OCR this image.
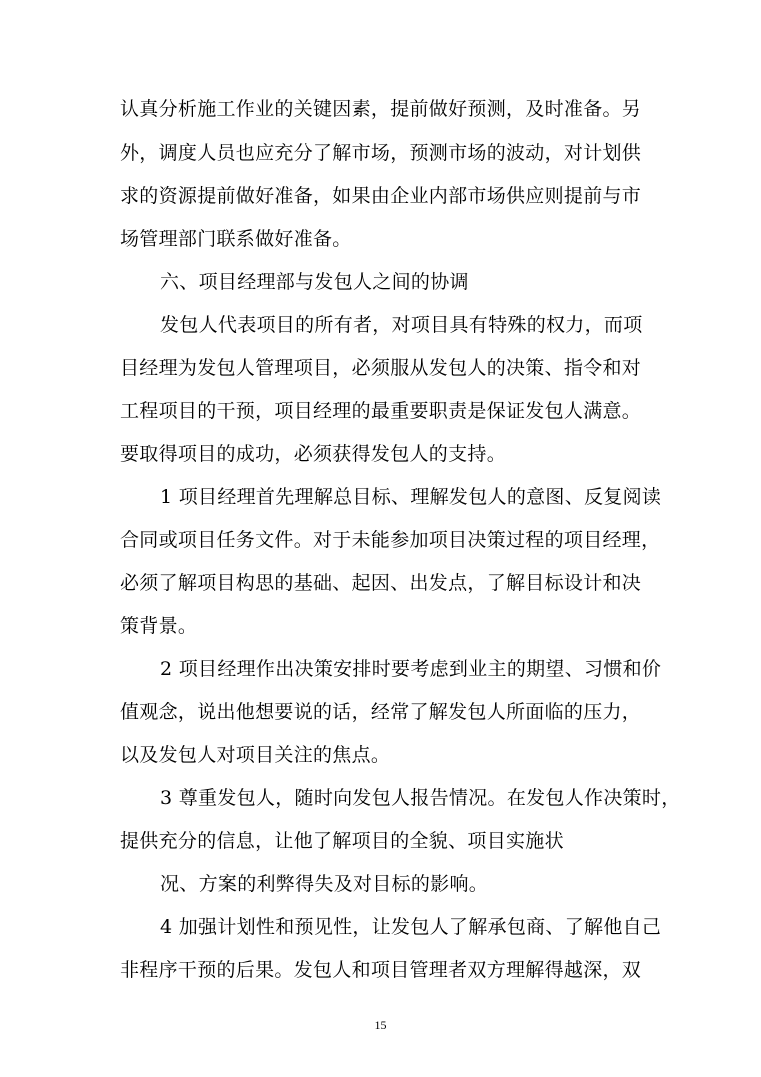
认真分析施工作业的关键因素，提前做好预测，及时准备。另
外，调度人员也应充分了解市场，预测市场的波动，对计划供
求的资源提前做好准备，如果由企业内部市场供应则提前与市
场管理部门联系做好准备。
六、项目经理部与发包人之间的协调
发包人代表项目的所有者，对项目具有特殊的权力，而项
目经理为发包人管理项目，必须服从发包人的决策、指令和对
工程项目的干预，项目经理的最重要职责是保证发包人满意。
要取得项目的成功，必须获得发包人的支持。
1 项目经理首先理解总目标、理解发包人的意图、反复阅读
合同或项目任务文件。对于未能参加项目决策过程的项目经理，
必须了解项目构思的基础、起因、出发点，了解目标设计和决
策背景。
2 项目经理作出决策安排时要考虑到业主的期望、习惯和价
值观念，说出他想要说的话，经常了解发包人所面临的压力，
以及发包人对项目关注的焦点。
3 尊重发包人，随时向发包人报告情况。在发包人作决策时，
提供充分的信息，让他了解项目的全貌、项目实施状
况、方案的利弊得失及对目标的影响。
4 加强计划性和预见性，让发包人了解承包商、了解他自己
非程序干预的后果。发包人和项目管理者双方理解得越深，双
15
